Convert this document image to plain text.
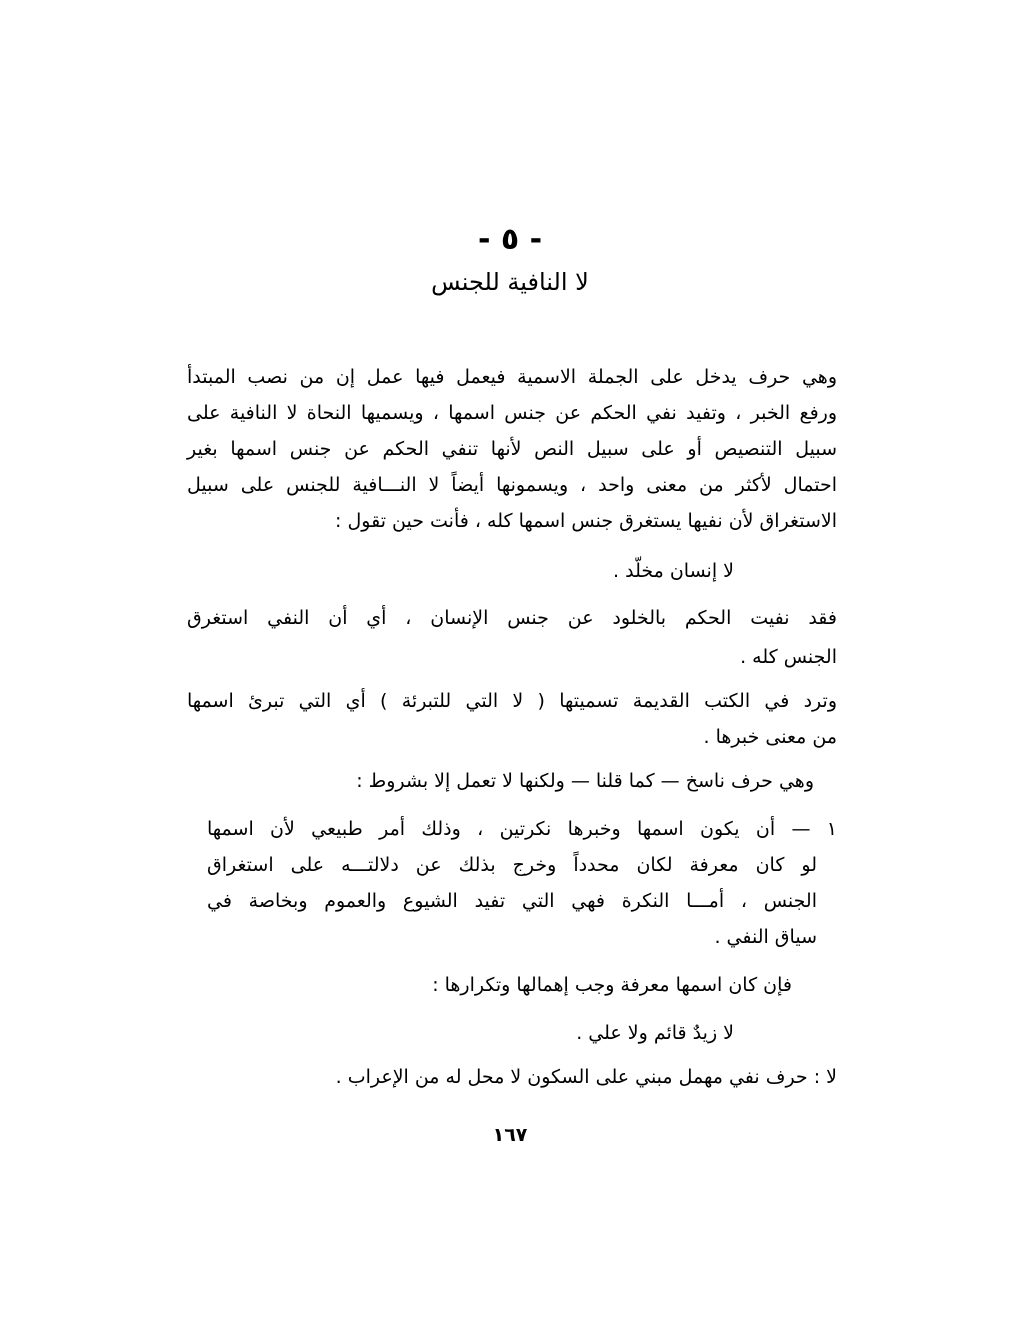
- ٥ -
لا النافية للجنس
وهي حرف يدخل على الجملة الاسمية فيعمل فيها عمل إن من نصب المبتدأ
ورفع الخبر ، وتفيد نفي الحكم عن جنس اسمها ، ويسميها النحاة لا النافية على
سبيل التنصيص أو على سبيل النص لأنها تنفي الحكم عن جنس اسمها بغير
احتمال لأكثر من معنى واحد ، ويسمونها أيضاً لا النـــافية للجنس على سبيل
الاستغراق لأن نفيها يستغرق جنس اسمها كله ، فأنت حين تقول :
لا إنسان مخلّد .
فقد نفيت الحكم بالخلود عن جنس الإنسان ، أي أن النفي استغرق
الجنس كله .
وترد في الكتب القديمة تسميتها ( لا التي للتبرئة ) أي التي تبرئ اسمها
من معنى خبرها .
وهي حرف ناسخ — كما قلنا — ولكنها لا تعمل إلا بشروط :
١ — أن يكون اسمها وخبرها نكرتين ، وذلك أمر طبيعي لأن اسمها
لو كان معرفة لكان محدداً وخرج بذلك عن دلالتـــه على استغراق
الجنس ، أمـــا النكرة فهي التي تفيد الشيوع والعموم وبخاصة في
سياق النفي .
فإن كان اسمها معرفة وجب إهمالها وتكرارها :
لا زيدٌ قائم ولا علي .
لا : حرف نفي مهمل مبني على السكون لا محل له من الإعراب .
١٦٧
